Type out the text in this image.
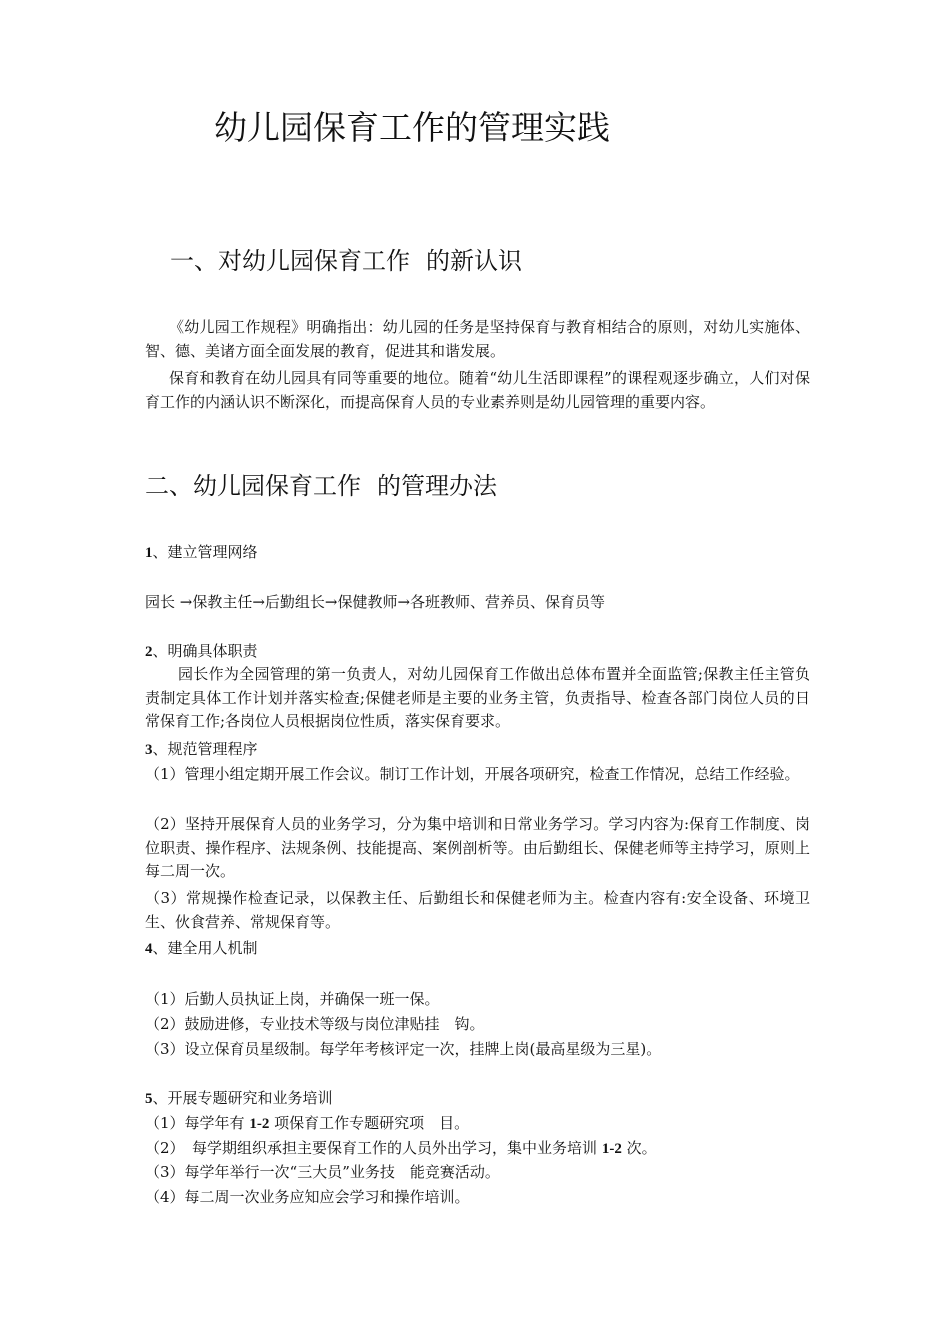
幼儿园保育工作的管理实践
一、对幼儿园保育工作 的新认识
《幼儿园工作规程》明确指出：幼儿园的任务是坚持保育与教育相结合的原则，对幼儿实施体、智、德、美诸方面全面发展的教育，促进其和谐发展。
保育和教育在幼儿园具有同等重要的地位。随着“幼儿生活即课程”的课程观逐步确立，人们对保育工作的内涵认识不断深化，而提高保育人员的专业素养则是幼儿园管理的重要内容。
二、幼儿园保育工作 的管理办法
1、建立管理网络
园长 →保教主任→后勤组长→保健教师→各班教师、营养员、保育员等
2、明确具体职责
园长作为全园管理的第一负责人，对幼儿园保育工作做出总体布置并全面监管;保教主任主管负责制定具体工作计划并落实检查;保健老师是主要的业务主管，负责指导、检查各部门岗位人员的日常保育工作;各岗位人员根据岗位性质，落实保育要求。
3、规范管理程序
（1）管理小组定期开展工作会议。制订工作计划，开展各项研究，检查工作情况，总结工作经验。
（2）坚持开展保育人员的业务学习，分为集中培训和日常业务学习。学习内容为:保育工作制度、岗位职责、操作程序、法规条例、技能提高、案例剖析等。由后勤组长、保健老师等主持学习，原则上每二周一次。
（3）常规操作检查记录，以保教主任、后勤组长和保健老师为主。检查内容有:安全设备、环境卫生、伙食营养、常规保育等。
4、建全用人机制
（1）后勤人员执证上岗，并确保一班一保。
（2）鼓励进修，专业技术等级与岗位津贴挂　钩。
（3）设立保育员星级制。每学年考核评定一次，挂牌上岗(最高星级为三星)。
5、开展专题研究和业务培训
（1）每学年有 1-2 项保育工作专题研究项　目。
（2）　每学期组织承担主要保育工作的人员外出学习，集中业务培训 1-2 次。
（3）每学年举行一次“三大员”业务技　能竞赛活动。
（4）每二周一次业务应知应会学习和操作培训。
